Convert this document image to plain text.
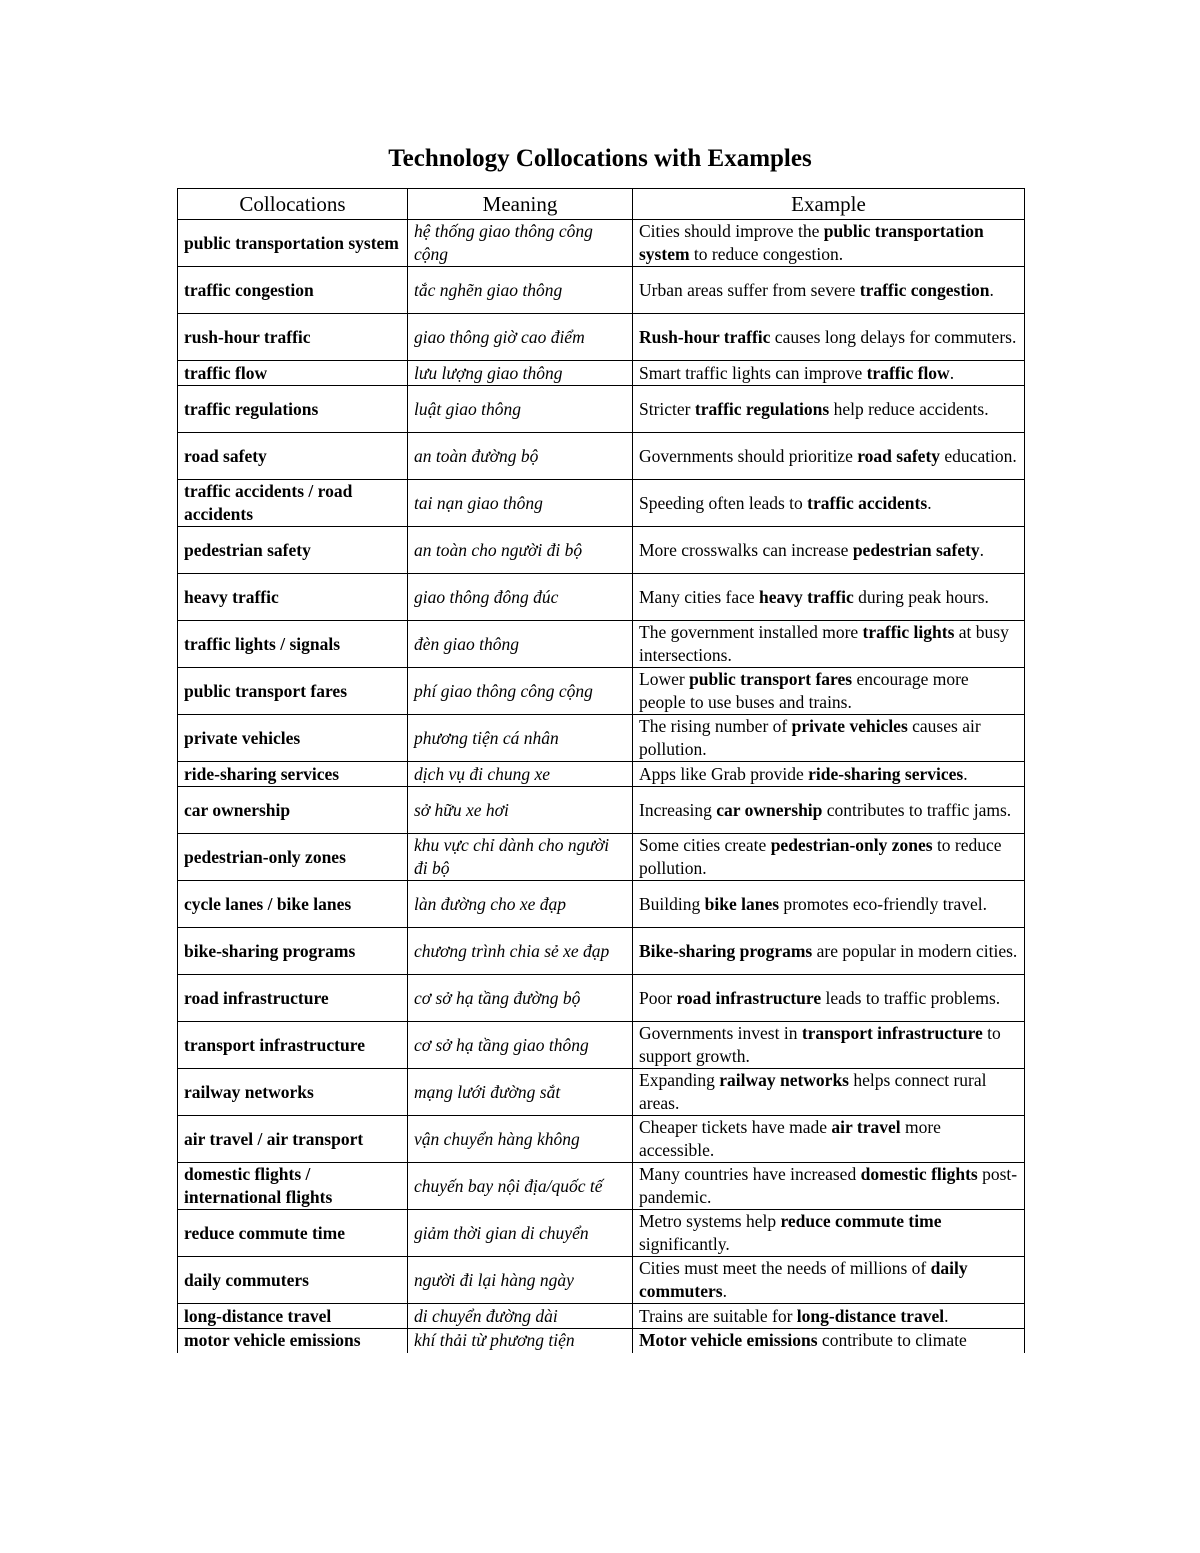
Technology Collocations with Examples
Collocations	Meaning	Example
public transportation system	hệ thống giao thông công cộng	Cities should improve the public transportation system to reduce congestion.
traffic congestion	tắc nghẽn giao thông	Urban areas suffer from severe traffic congestion.
rush-hour traffic	giao thông giờ cao điểm	Rush-hour traffic causes long delays for commuters.
traffic flow	lưu lượng giao thông	Smart traffic lights can improve traffic flow.
traffic regulations	luật giao thông	Stricter traffic regulations help reduce accidents.
road safety	an toàn đường bộ	Governments should prioritize road safety education.
traffic accidents / road accidents	tai nạn giao thông	Speeding often leads to traffic accidents.
pedestrian safety	an toàn cho người đi bộ	More crosswalks can increase pedestrian safety.
heavy traffic	giao thông đông đúc	Many cities face heavy traffic during peak hours.
traffic lights / signals	đèn giao thông	The government installed more traffic lights at busy intersections.
public transport fares	phí giao thông công cộng	Lower public transport fares encourage more people to use buses and trains.
private vehicles	phương tiện cá nhân	The rising number of private vehicles causes air pollution.
ride-sharing services	dịch vụ đi chung xe	Apps like Grab provide ride-sharing services.
car ownership	sở hữu xe hơi	Increasing car ownership contributes to traffic jams.
pedestrian-only zones	khu vực chỉ dành cho người đi bộ	Some cities create pedestrian-only zones to reduce pollution.
cycle lanes / bike lanes	làn đường cho xe đạp	Building bike lanes promotes eco-friendly travel.
bike-sharing programs	chương trình chia sẻ xe đạp	Bike-sharing programs are popular in modern cities.
road infrastructure	cơ sở hạ tầng đường bộ	Poor road infrastructure leads to traffic problems.
transport infrastructure	cơ sở hạ tầng giao thông	Governments invest in transport infrastructure to support growth.
railway networks	mạng lưới đường sắt	Expanding railway networks helps connect rural areas.
air travel / air transport	vận chuyển hàng không	Cheaper tickets have made air travel more accessible.
domestic flights / international flights	chuyến bay nội địa/quốc tế	Many countries have increased domestic flights post-pandemic.
reduce commute time	giảm thời gian di chuyển	Metro systems help reduce commute time significantly.
daily commuters	người đi lại hàng ngày	Cities must meet the needs of millions of daily commuters.
long-distance travel	di chuyển đường dài	Trains are suitable for long-distance travel.
motor vehicle emissions	khí thải từ phương tiện	Motor vehicle emissions contribute to climate
